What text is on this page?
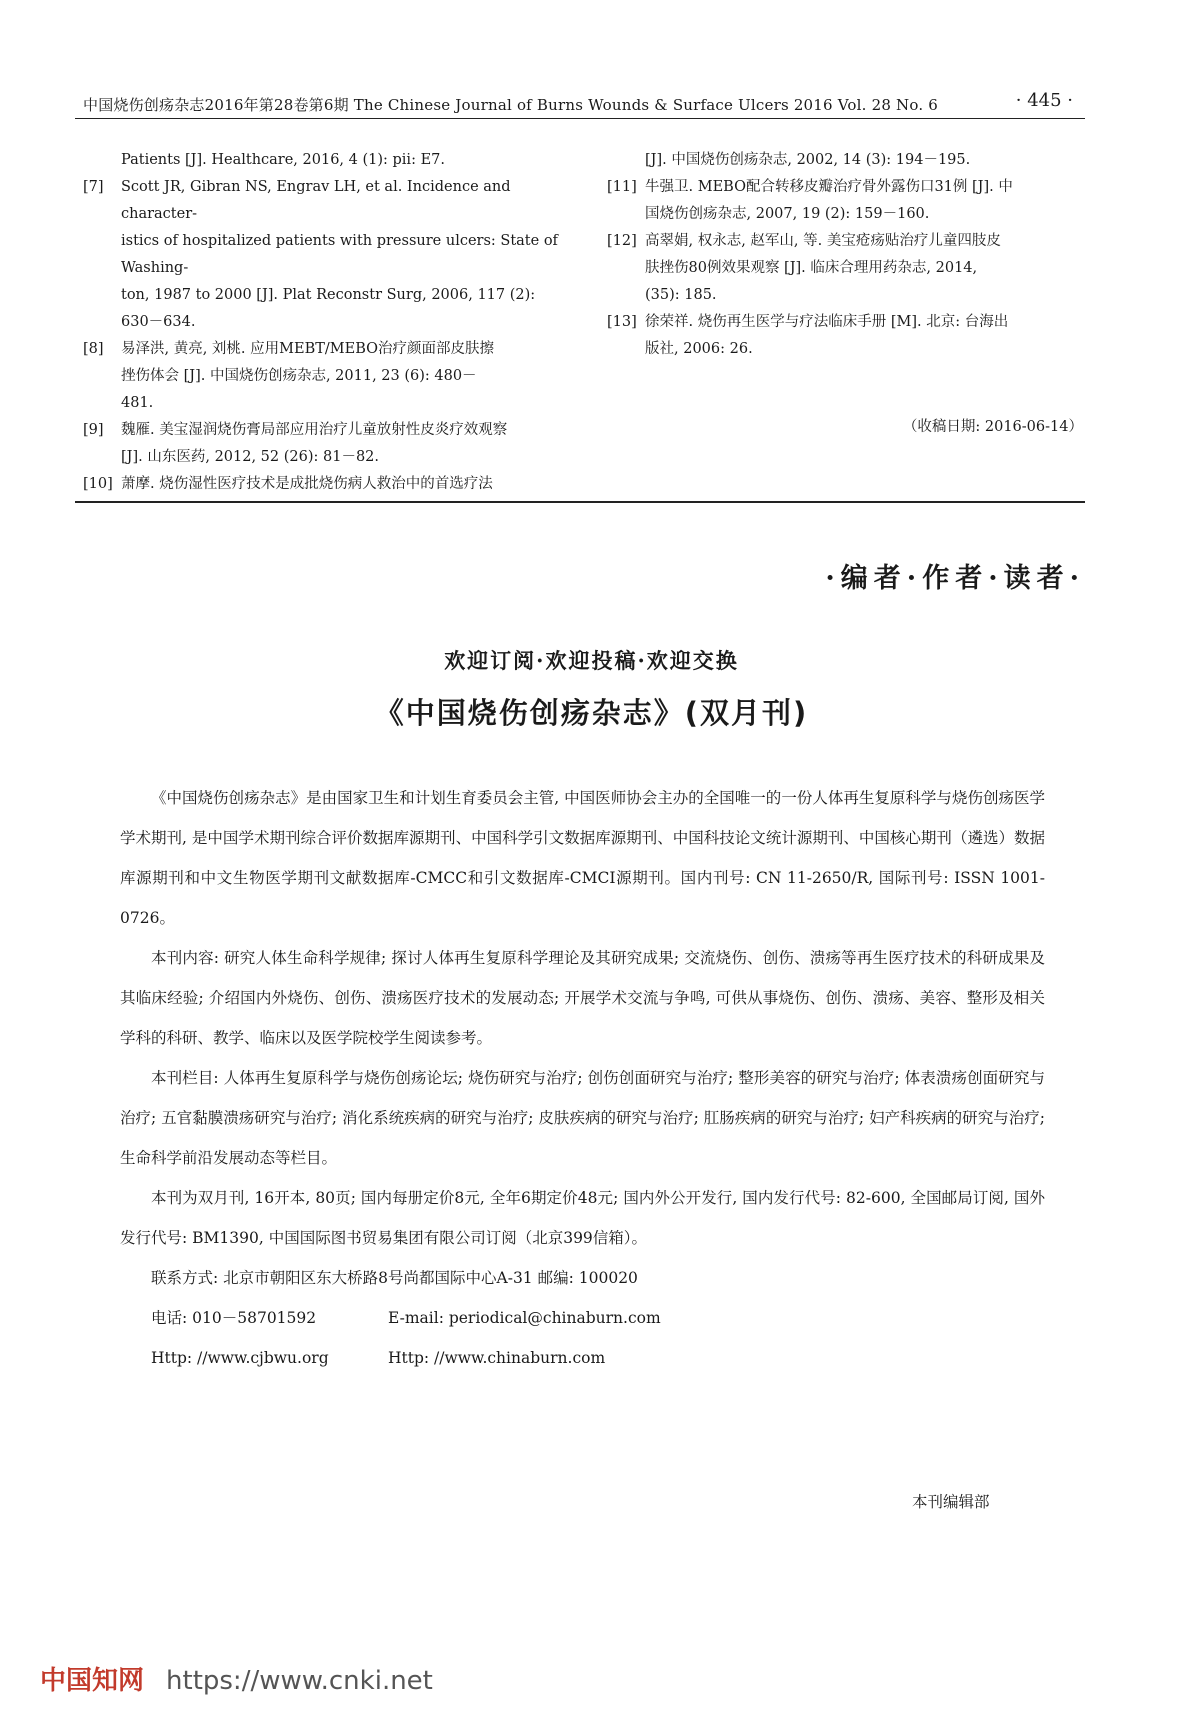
中国烧伤创疡杂志2016年第28卷第6期 The Chinese Journal of Burns Wounds & Surface Ulcers 2016 Vol. 28 No. 6	· 445 ·
Patients [J]. Healthcare, 2016, 4 (1): pii: E7.
[7] Scott JR, Gibran NS, Engrav LH, et al. Incidence and character-
istics of hospitalized patients with pressure ulcers: State of Washing-
ton, 1987 to 2000 [J]. Plat Reconstr Surg, 2006, 117 (2):
630－634.
[8] 易泽洪, 黄亮, 刘桃. 应用MEBT/MEBO治疗颜面部皮肤擦
挫伤体会 [J]. 中国烧伤创疡杂志, 2011, 23 (6): 480－
481.
[9] 魏雁. 美宝湿润烧伤膏局部应用治疗儿童放射性皮炎疗效观察
[J]. 山东医药, 2012, 52 (26): 81－82.
[10] 萧摩. 烧伤湿性医疗技术是成批烧伤病人救治中的首选疗法
[J]. 中国烧伤创疡杂志, 2002, 14 (3): 194－195.
[11] 牛强卫. MEBO配合转移皮瓣治疗骨外露伤口31例 [J]. 中
国烧伤创疡杂志, 2007, 19 (2): 159－160.
[12] 高翠娟, 权永志, 赵军山, 等. 美宝疮疡贴治疗儿童四肢皮
肤挫伤80例效果观察 [J]. 临床合理用药杂志, 2014,
(35): 185.
[13] 徐荣祥. 烧伤再生医学与疗法临床手册 [M]. 北京: 台海出
版社, 2006: 26.
（收稿日期: 2016-06-14）
·编者·作者·读者·
欢迎订阅·欢迎投稿·欢迎交换
《中国烧伤创疡杂志》(双月刊)

《中国烧伤创疡杂志》是由国家卫生和计划生育委员会主管, 中国医师协会主办的全国唯一的一份人体再生复原科学与烧伤创疡医学学术期刊, 是中国学术期刊综合评价数据库源期刊、中国科学引文数据库源期刊、中国科技论文统计源期刊、中国核心期刊（遴选）数据库源期刊和中文生物医学期刊文献数据库-CMCC和引文数据库-CMCI源期刊。国内刊号: CN 11-2650/R, 国际刊号: ISSN 1001-0726。

本刊内容: 研究人体生命科学规律; 探讨人体再生复原科学理论及其研究成果; 交流烧伤、创伤、溃疡等再生医疗技术的科研成果及其临床经验; 介绍国内外烧伤、创伤、溃疡医疗技术的发展动态; 开展学术交流与争鸣, 可供从事烧伤、创伤、溃疡、美容、整形及相关学科的科研、教学、临床以及医学院校学生阅读参考。

本刊栏目: 人体再生复原科学与烧伤创疡论坛; 烧伤研究与治疗; 创伤创面研究与治疗; 整形美容的研究与治疗; 体表溃疡创面研究与治疗; 五官黏膜溃疡研究与治疗; 消化系统疾病的研究与治疗; 皮肤疾病的研究与治疗; 肛肠疾病的研究与治疗; 妇产科疾病的研究与治疗; 生命科学前沿发展动态等栏目。

本刊为双月刊, 16开本, 80页; 国内每册定价8元, 全年6期定价48元; 国内外公开发行, 国内发行代号: 82-600, 全国邮局订阅, 国外发行代号: BM1390, 中国国际图书贸易集团有限公司订阅（北京399信箱）。

联系方式: 北京市朝阳区东大桥路8号尚都国际中心A-31 邮编: 100020

电话: 010－58701592	E-mail: periodical@chinaburn.com
Http: //www.cjbwu.org	Http: //www.chinaburn.com
本刊编辑部
中国知网 https://www.cnki.net
